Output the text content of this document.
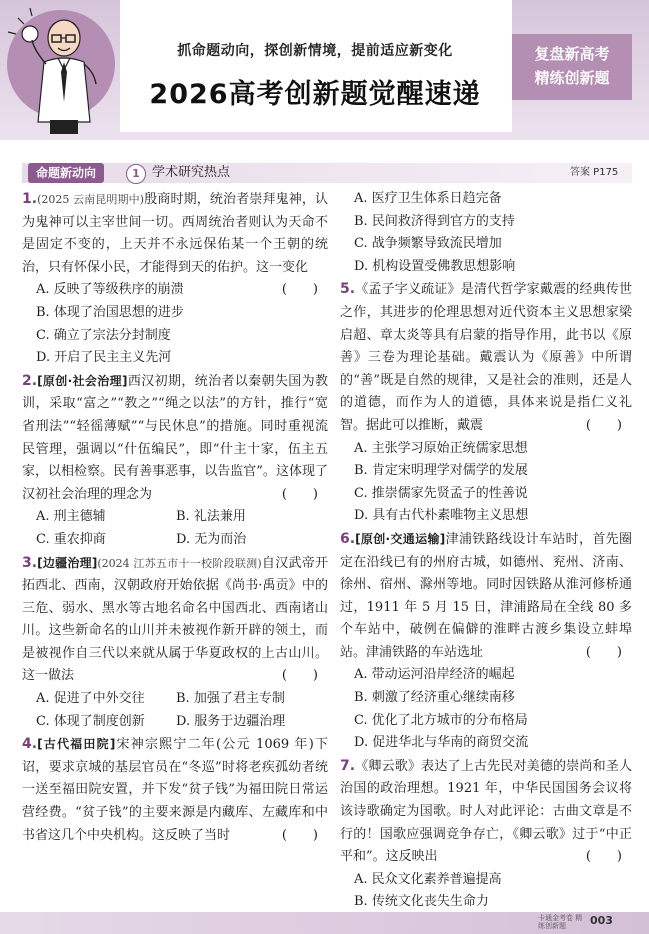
抓命题动向，探创新情境，提前适应新变化
2026高考创新题觉醒速递
复盘新高考
精练创新题
命题新动向	1 学术研究热点	答案 P175
1.(2025 云南昆明期中)殷商时期，统治者崇拜鬼神，认为鬼神可以主宰世间一切。西周统治者则认为天命不是固定不变的，上天并不永远保佑某一个王朝的统治，只有怀保小民，才能得到天的佑护。这一变化
(　　)
A. 反映了等级秩序的崩溃
B. 体现了治国思想的进步
C. 确立了宗法分封制度
D. 开启了民主主义先河
2.[原创·社会治理]西汉初期，统治者以秦朝失国为教训，采取“富之”“教之”“绳之以法”的方针，推行“宽省刑法”“轻徭薄赋”“与民休息”的措施。同时重视流民管理，强调以“什伍编民”，即“什主十家，伍主五家，以相检察。民有善事恶事，以告监官”。这体现了汉初社会治理的理念为	(　　)
A. 刑主德辅	B. 礼法兼用
C. 重农抑商	D. 无为而治
3.[边疆治理](2024 江苏五市十一校阶段联测)自汉武帝开拓西北、西南，汉朝政府开始依据《尚书·禹贡》中的三危、弱水、黑水等古地名命名中国西北、西南诸山川。这些新命名的山川并未被视作新开辟的领土，而是被视作自三代以来就从属于华夏政权的上古山川。这一做法	(　　)
A. 促进了中外交往	B. 加强了君主专制
C. 体现了制度创新	D. 服务于边疆治理
4.[古代福田院]宋神宗熙宁二年(公元 1069 年)下诏，要求京城的基层官员在“冬巡”时将老疾孤幼者统一送至福田院安置，并下发“贫子钱”为福田院日常运营经费。“贫子钱”的主要来源是内藏库、左藏库和中书省这几个中央机构。这反映了当时	(　　)
A. 医疗卫生体系日趋完备
B. 民间救济得到官方的支持
C. 战争频繁导致流民增加
D. 机构设置受佛教思想影响
5.《孟子字义疏证》是清代哲学家戴震的经典传世之作，其进步的伦理思想对近代资本主义思想家梁启超、章太炎等具有启蒙的指导作用，此书以《原善》三卷为理论基础。戴震认为《原善》中所谓的“善”既是自然的规律，又是社会的准则，还是人的道德，而作为人的道德，具体来说是指仁义礼智。据此可以推断，戴震	(　　)
A. 主张学习原始正统儒家思想
B. 肯定宋明理学对儒学的发展
C. 推崇儒家先贤孟子的性善说
D. 具有古代朴素唯物主义思想
6.[原创·交通运输]津浦铁路线设计车站时，首先圈定在沿线已有的州府古城，如德州、兖州、济南、徐州、宿州、滁州等地。同时因铁路从淮河修桥通过，1911 年 5 月 15 日，津浦路局在全线 80 多个车站中，破例在偏僻的淮畔古渡乡集设立蚌埠站。津浦铁路的车站选址	(　　)
A. 带动运河沿岸经济的崛起
B. 刺激了经济重心继续南移
C. 优化了北方城市的分布格局
D. 促进华北与华南的商贸交流
7.《卿云歌》表达了上古先民对美德的崇尚和圣人治国的政治理想。1921 年，中华民国国务会议将该诗歌确定为国歌。时人对此评论：古曲文章是不行的！国歌应强调竞争存亡，《卿云歌》过于“中正平和”。这反映出	(　　)
A. 民众文化素养普遍提高
B. 传统文化丧失生命力
卡通金考卷 精练创新题	003
